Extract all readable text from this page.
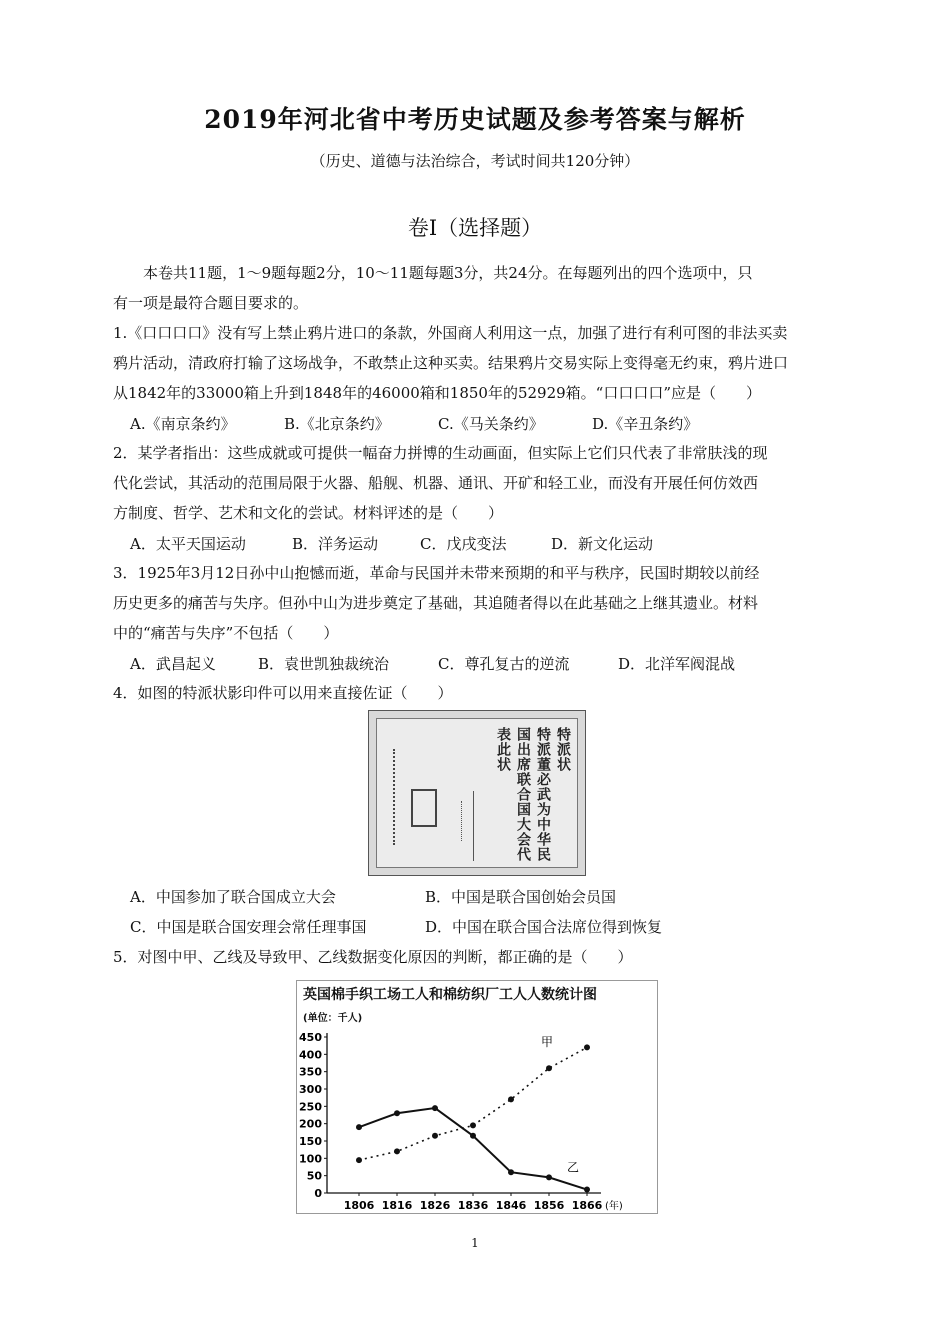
2019年河北省中考历史试题及参考答案与解析
（历史、道德与法治综合，考试时间共120分钟）
卷Ⅰ（选择题）
　　本卷共11题，1～9题每题2分，10～11题每题3分，共24分。在每题列出的四个选项中，只
有一项是最符合题目要求的。
1.《口口口口》没有写上禁止鸦片进口的条款，外国商人利用这一点，加强了进行有利可图的非法买卖
鸦片活动，清政府打输了这场战争，不敢禁止这种买卖。结果鸦片交易实际上变得毫无约束，鸦片进口
从1842年的33000箱上升到1848年的46000箱和1850年的52929箱。“口口口口”应是（　　）
A.《南京条约》	B.《北京条约》	C.《马关条约》	D.《辛丑条约》
2．某学者指出：这些成就或可提供一幅奋力拼博的生动画面，但实际上它们只代表了非常肤浅的现
代化尝试，其活动的范围局限于火器、船舰、机器、通讯、开矿和轻工业，而没有开展任何仿效西
方制度、哲学、艺术和文化的尝试。材料评述的是（　　）
A．太平天国运动	B．洋务运动	C．戊戌变法	D．新文化运动
3．1925年3月12日孙中山抱憾而逝，革命与民国并未带来预期的和平与秩序，民国时期较以前经
历史更多的痛苦与失序。但孙中山为进步奠定了基础，其追随者得以在此基础之上继其遗业。材料
中的“痛苦与失序”不包括（　　）
A．武昌起义	B．袁世凯独裁统治	C．尊孔复古的逆流	D．北洋军阀混战
4．如图的特派状影印件可以用来直接佐证（　　）
特派状
特派董必武为中华民
国出席联合国大会代
表此状
A．中国参加了联合国成立大会	B．中国是联合国创始会员国
C．中国是联合国安理会常任理事国	D．中国在联合国合法席位得到恢复
5．对图中甲、乙线及导致甲、乙线数据变化原因的判断，都正确的是（　　）
英国棉手织工场工人和棉纺织厂工人人数统计图
(单位：千人)
0
50
100
150
200
250
300
350
400
450
1806 1816 1826 1836 1846 1856 1866 (年)
甲
乙
1
